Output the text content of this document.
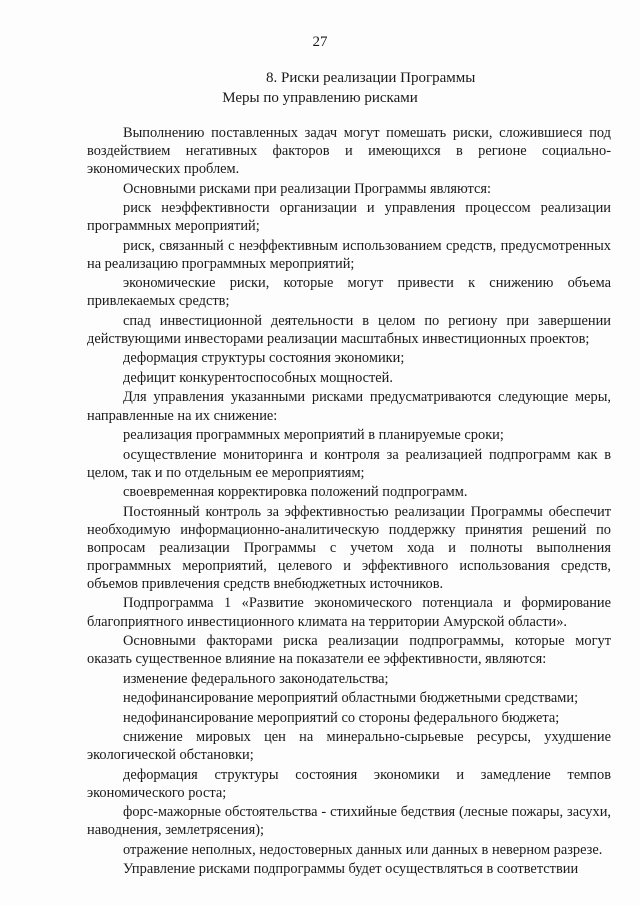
27
8. Риски реализации Программы
Меры по управлению рисками

Выполнению поставленных задач могут помешать риски, сложившиеся под воздействием негативных факторов и имеющихся в регионе социально-экономических проблем.

Основными рисками при реализации Программы являются:

риск неэффективности организации и управления процессом реализации программных мероприятий;

риск, связанный с неэффективным использованием средств, предусмотренных на реализацию программных мероприятий;

экономические риски, которые могут привести к снижению объема привлекаемых средств;

спад инвестиционной деятельности в целом по региону при завершении действующими инвесторами реализации масштабных инвестиционных проектов;

деформация структуры состояния экономики;

дефицит конкурентоспособных мощностей.

Для управления указанными рисками предусматриваются следующие меры, направленные на их снижение:

реализация программных мероприятий в планируемые сроки;

осуществление мониторинга и контроля за реализацией подпрограмм как в целом, так и по отдельным ее мероприятиям;

своевременная корректировка положений подпрограмм.

Постоянный контроль за эффективностью реализации Программы обеспечит необходимую информационно-аналитическую поддержку принятия решений по вопросам реализации Программы с учетом хода и полноты выполнения программных мероприятий, целевого и эффективного использования средств, объемов привлечения средств внебюджетных источников.

Подпрограмма 1 «Развитие экономического потенциала и формирование благоприятного инвестиционного климата на территории Амурской области».

Основными факторами риска реализации подпрограммы, которые могут оказать существенное влияние на показатели ее эффективности, являются:

изменение федерального законодательства;

недофинансирование мероприятий областными бюджетными средствами;

недофинансирование мероприятий со стороны федерального бюджета;

снижение мировых цен на минерально-сырьевые ресурсы, ухудшение экологической обстановки;

деформация структуры состояния экономики и замедление темпов экономического роста;

форс-мажорные обстоятельства - стихийные бедствия (лесные пожары, засухи, наводнения, землетрясения);

отражение неполных, недостоверных данных или данных в неверном разрезе.

Управление рисками подпрограммы будет осуществляться в соответствии
